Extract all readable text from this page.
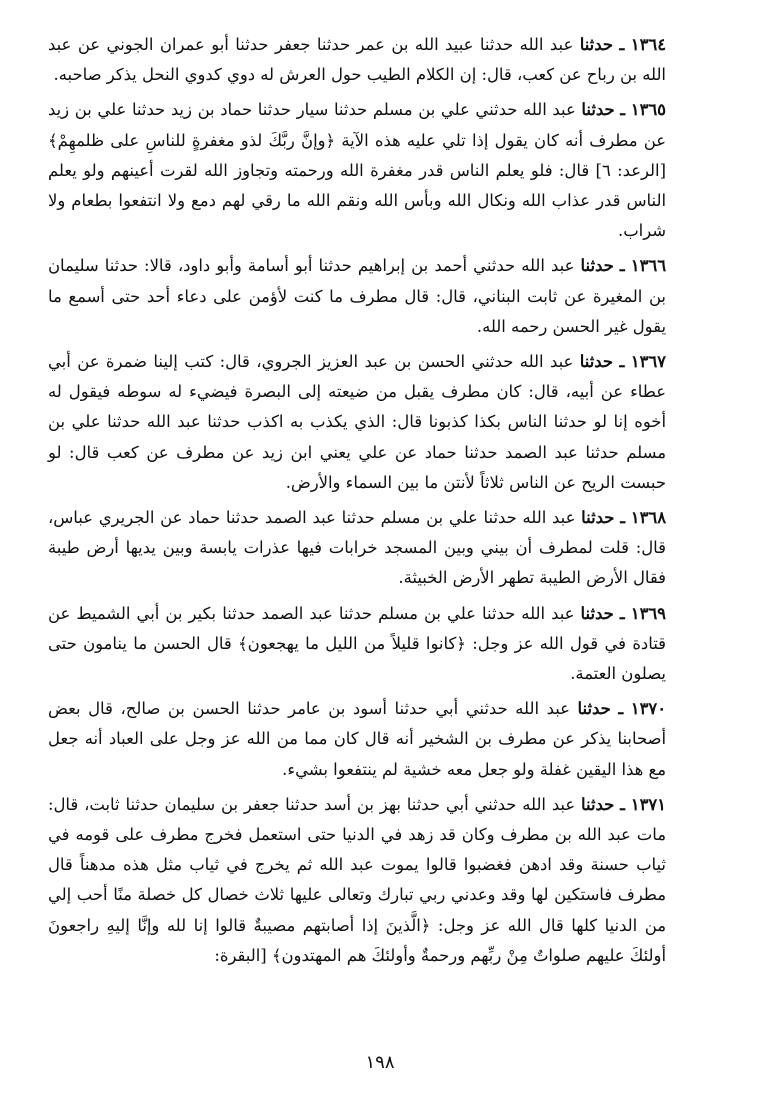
١٣٦٤ ـ حدثنا عبد الله حدثنا عبيد الله بن عمر حدثنا جعفر حدثنا أبو عمران الجوني عن عبد الله بن رباح عن كعب، قال: إن الكلام الطيب حول العرش له دوي كدوي النحل يذكر صاحبه.

١٣٦٥ ـ حدثنا عبد الله حدثني علي بن مسلم حدثنا سيار حدثنا حماد بن زيد حدثنا علي بن زيد عن مطرف أنه كان يقول إذا تلي عليه هذه الآية ﴿وإنَّ ربَّكَ لذو مغفرةٍ للناسِ على ظلمهِمْ﴾ [الرعد: ٦] قال: فلو يعلم الناس قدر مغفرة الله ورحمته وتجاوز الله لقرت أعينهم ولو يعلم الناس قدر عذاب الله ونكال الله وبأس الله ونقم الله ما رقي لهم دمع ولا انتفعوا بطعام ولا شراب.

١٣٦٦ ـ حدثنا عبد الله حدثني أحمد بن إبراهيم حدثنا أبو أسامة وأبو داود، قالا: حدثنا سليمان بن المغيرة عن ثابت البناني، قال: قال مطرف ما كنت لأؤمن على دعاء أحد حتى أسمع ما يقول غير الحسن رحمه الله.

١٣٦٧ ـ حدثنا عبد الله حدثني الحسن بن عبد العزيز الجروي، قال: كتب إلينا ضمرة عن أبي عطاء عن أبيه، قال: كان مطرف يقبل من ضيعته إلى البصرة فيضيء له سوطه فيقول له أخوه إنا لو حدثنا الناس بكذا كذبونا قال: الذي يكذب به اكذب حدثنا عبد الله حدثنا علي بن مسلم حدثنا عبد الصمد حدثنا حماد عن علي يعني ابن زيد عن مطرف عن كعب قال: لو حبست الريح عن الناس ثلاثاً لأنتن ما بين السماء والأرض.

١٣٦٨ ـ حدثنا عبد الله حدثنا علي بن مسلم حدثنا عبد الصمد حدثنا حماد عن الجريري عباس، قال: قلت لمطرف أن بيني وبين المسجد خرابات فيها عذرات يابسة وبين يديها أرض طيبة فقال الأرض الطيبة تطهر الأرض الخبيثة.

١٣٦٩ ـ حدثنا عبد الله حدثنا علي بن مسلم حدثنا عبد الصمد حدثنا بكير بن أبي الشميط عن قتادة في قول الله عز وجل: ﴿كانوا قليلاً من الليل ما يهجعون﴾ قال الحسن ما ينامون حتى يصلون العتمة.

١٣٧٠ ـ حدثنا عبد الله حدثني أبي حدثنا أسود بن عامر حدثنا الحسن بن صالح، قال بعض أصحابنا يذكر عن مطرف بن الشخير أنه قال كان مما من الله عز وجل على العباد أنه جعل مع هذا اليقين غفلة ولو جعل معه خشية لم ينتفعوا بشيء.

١٣٧١ ـ حدثنا عبد الله حدثني أبي حدثنا بهز بن أسد حدثنا جعفر بن سليمان حدثنا ثابت، قال: مات عبد الله بن مطرف وكان قد زهد في الدنيا حتى استعمل فخرج مطرف على قومه في ثياب حسنة وقد ادهن فغضبوا قالوا يموت عبد الله ثم يخرج في ثياب مثل هذه مدهناً قال مطرف فاستكين لها وقد وعدني ربي تبارك وتعالى عليها ثلاث خصال كل خصلة منًا أحب إلي من الدنيا كلها قال الله عز وجل: ﴿الَّذينَ إذا أصابتهم مصيبةٌ قالوا إنا لله وإنَّا إليهِ راجعونَ أولئكَ عليهم صلواتٌ مِنْ ربِّهم ورحمةٌ وأولئكَ هم المهتدون﴾ [البقرة:

١٩٨
